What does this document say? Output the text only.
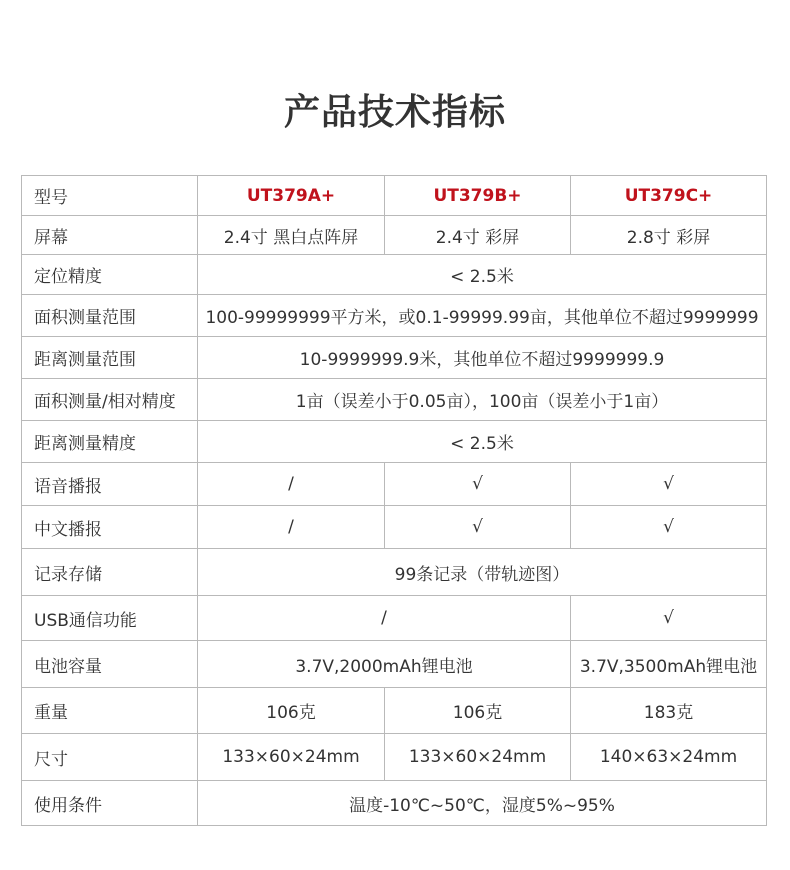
产品技术指标
型号	UT379A+	UT379B+	UT379C+
屏幕	2.4寸 黑白点阵屏	2.4寸 彩屏	2.8寸 彩屏
定位精度	< 2.5米		
面积测量范围	100-99999999平方米，或0.1-99999.99亩，其他单位不超过9999999		
距离测量范围	10-9999999.9米，其他单位不超过9999999.9		
面积测量/相对精度	1亩（误差小于0.05亩），100亩（误差小于1亩）		
距离测量精度	< 2.5米		
语音播报	/	√	√
中文播报	/	√	√
记录存储	99条记录（带轨迹图）		
USB通信功能	/		√
电池容量	3.7V,2000mAh锂电池		3.7V,3500mAh锂电池
重量	106克	106克	183克
尺寸	133×60×24mm	133×60×24mm	140×63×24mm
使用条件	温度-10℃~50℃，湿度5%~95%		
